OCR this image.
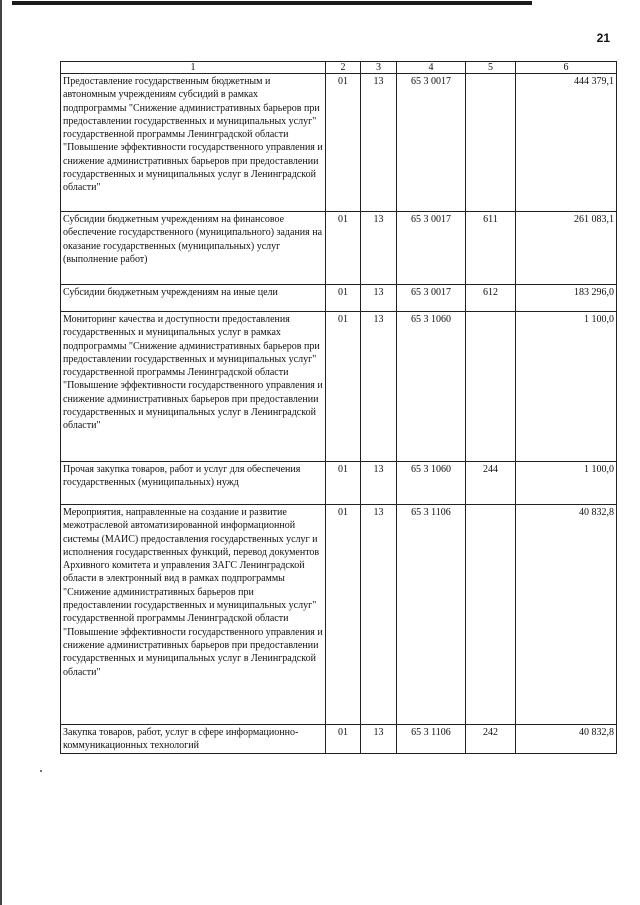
21
1	2	3	4	5	6
Предоставление государственным бюджетным и автономным учреждениям субсидий в рамках подпрограммы "Снижение административных барьеров при предоставлении государственных и муниципальных услуг" государственной программы Ленинградской области "Повышение эффективности государственного управления и снижение административных барьеров при предоставлении государственных и муниципальных услуг в Ленинградской области"	01	13	65 3 0017		444 379,1
Субсидии бюджетным учреждениям на финансовое обеспечение государственного (муниципального) задания на оказание государственных (муниципальных) услуг (выполнение работ)	01	13	65 3 0017	611	261 083,1
Субсидии бюджетным учреждениям на иные цели	01	13	65 3 0017	612	183 296,0
Мониторинг качества и доступности предоставления государственных и муниципальных услуг в рамках подпрограммы "Снижение административных барьеров при предоставлении государственных и муниципальных услуг" государственной программы Ленинградской области "Повышение эффективности государственного управления и снижение административных барьеров при предоставлении государственных и муниципальных услуг в Ленинградской области"	01	13	65 3 1060		1 100,0
Прочая закупка товаров, работ и услуг для обеспечения государственных (муниципальных) нужд	01	13	65 3 1060	244	1 100,0
Мероприятия, направленные на создание и развитие межотраслевой автоматизированной информационной системы (МАИС) предоставления государственных услуг и исполнения государственных функций, перевод документов Архивного комитета и управления ЗАГС Ленинградской области в электронный вид в рамках подпрограммы "Снижение административных барьеров при предоставлении государственных и муниципальных услуг" государственной программы Ленинградской области "Повышение эффективности государственного управления и снижение административных барьеров при предоставлении государственных и муниципальных услуг в Ленинградской области"	01	13	65 3 1106		40 832,8
Закупка товаров, работ, услуг в сфере информационно-коммуникационных технологий	01	13	65 3 1106	242	40 832,8
